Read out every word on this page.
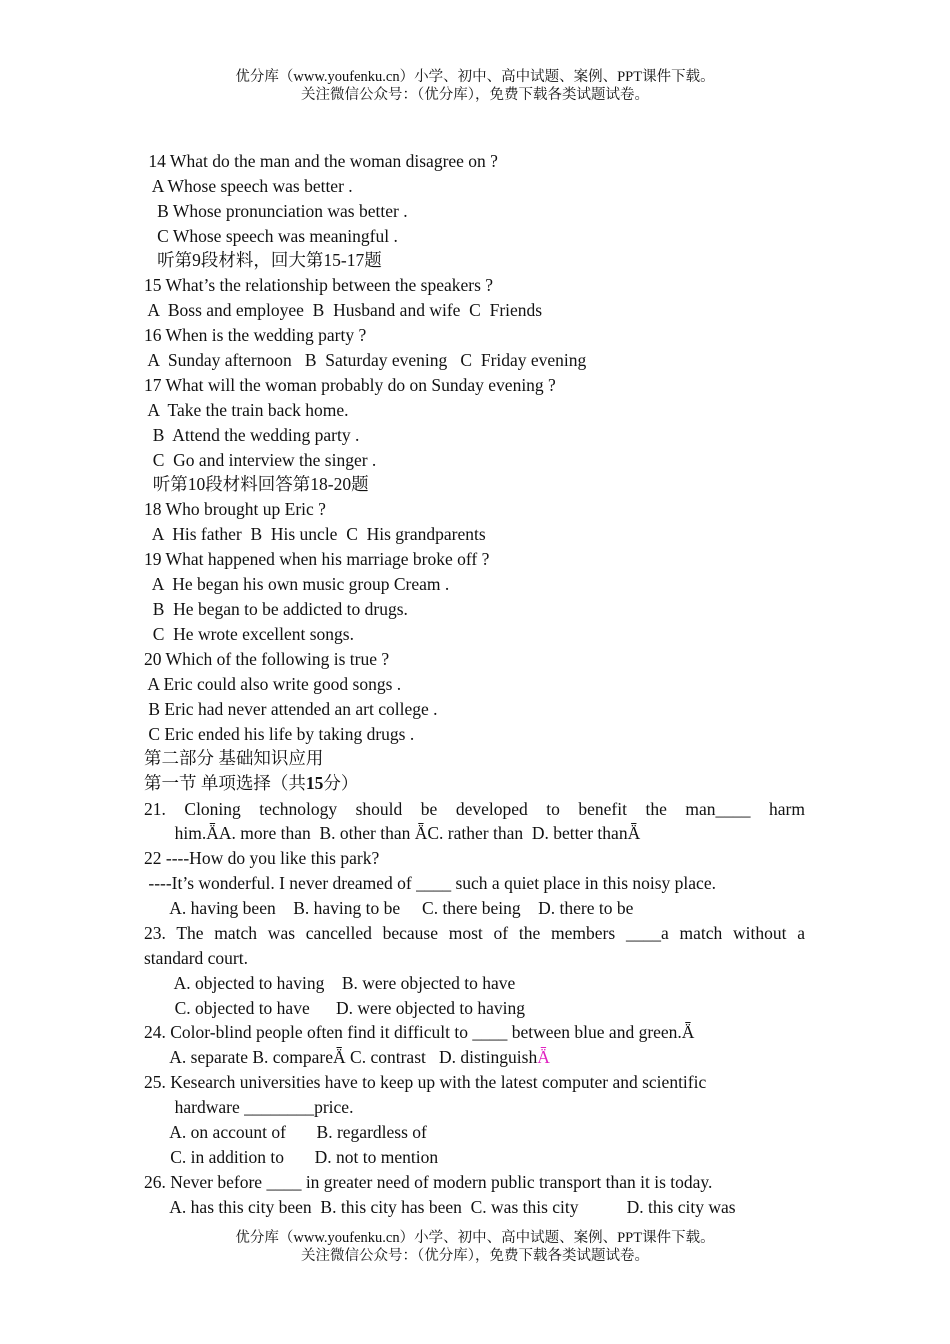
优分库（www.youfenku.cn）小学、初中、高中试题、案例、PPT课件下载。
关注微信公众号：（优分库），免费下载各类试题试卷。
14 What do the man and the woman disagree on ?
A Whose speech was better .
B Whose pronunciation was better .
C Whose speech was meaningful .
听第9段材料，回大第15-17题
15 What’s the relationship between the speakers ?
A  Boss and employee  B  Husband and wife  C  Friends
16 When is the wedding party ?
A  Sunday afternoon   B  Saturday evening   C  Friday evening
17 What will the woman probably do on Sunday evening ?
A  Take the train back home.
B  Attend the wedding party .
C  Go and interview the singer .
听第10段材料回答第18-20题
18 Who brought up Eric ?
A  His father  B  His uncle  C  His grandparents
19 What happened when his marriage broke off ?
A  He began his own music group Cream .
B  He began to be addicted to drugs.
C  He wrote excellent songs.
20 Which of the following is true ?
A Eric could also write good songs .
B Eric had never attended an art college .
C Eric ended his life by taking drugs .
第二部分 基础知识应用
第一节 单项选择（共15分）
21. Cloning technology should be developed to benefit the man____ harm
him.ǞA. more than  B. other than ǞC. rather than  D. better thanǞ
22 ----How do you like this park?
----It’s wonderful. I never dreamed of ____ such a quiet place in this noisy place.
A. having been    B. having to be     C. there being    D. there to be
23. The match was cancelled because most of the members ____a match without a
standard court.
A. objected to having    B. were objected to have
C. objected to have      D. were objected to having
24. Color-blind people often find it difficult to ____ between blue and green.Ǟ
A. separate B. compareǞ C. contrast   D. distinguishǞ
25. Kesearch universities have to keep up with the latest computer and scientific
hardware ________price.
A. on account of       B. regardless of
C. in addition to       D. not to mention
26. Never before ____ in greater need of modern public transport than it is today.
A. has this city been  B. this city has been  C. was this city           D. this city was
优分库（www.youfenku.cn）小学、初中、高中试题、案例、PPT课件下载。
关注微信公众号：（优分库），免费下载各类试题试卷。
